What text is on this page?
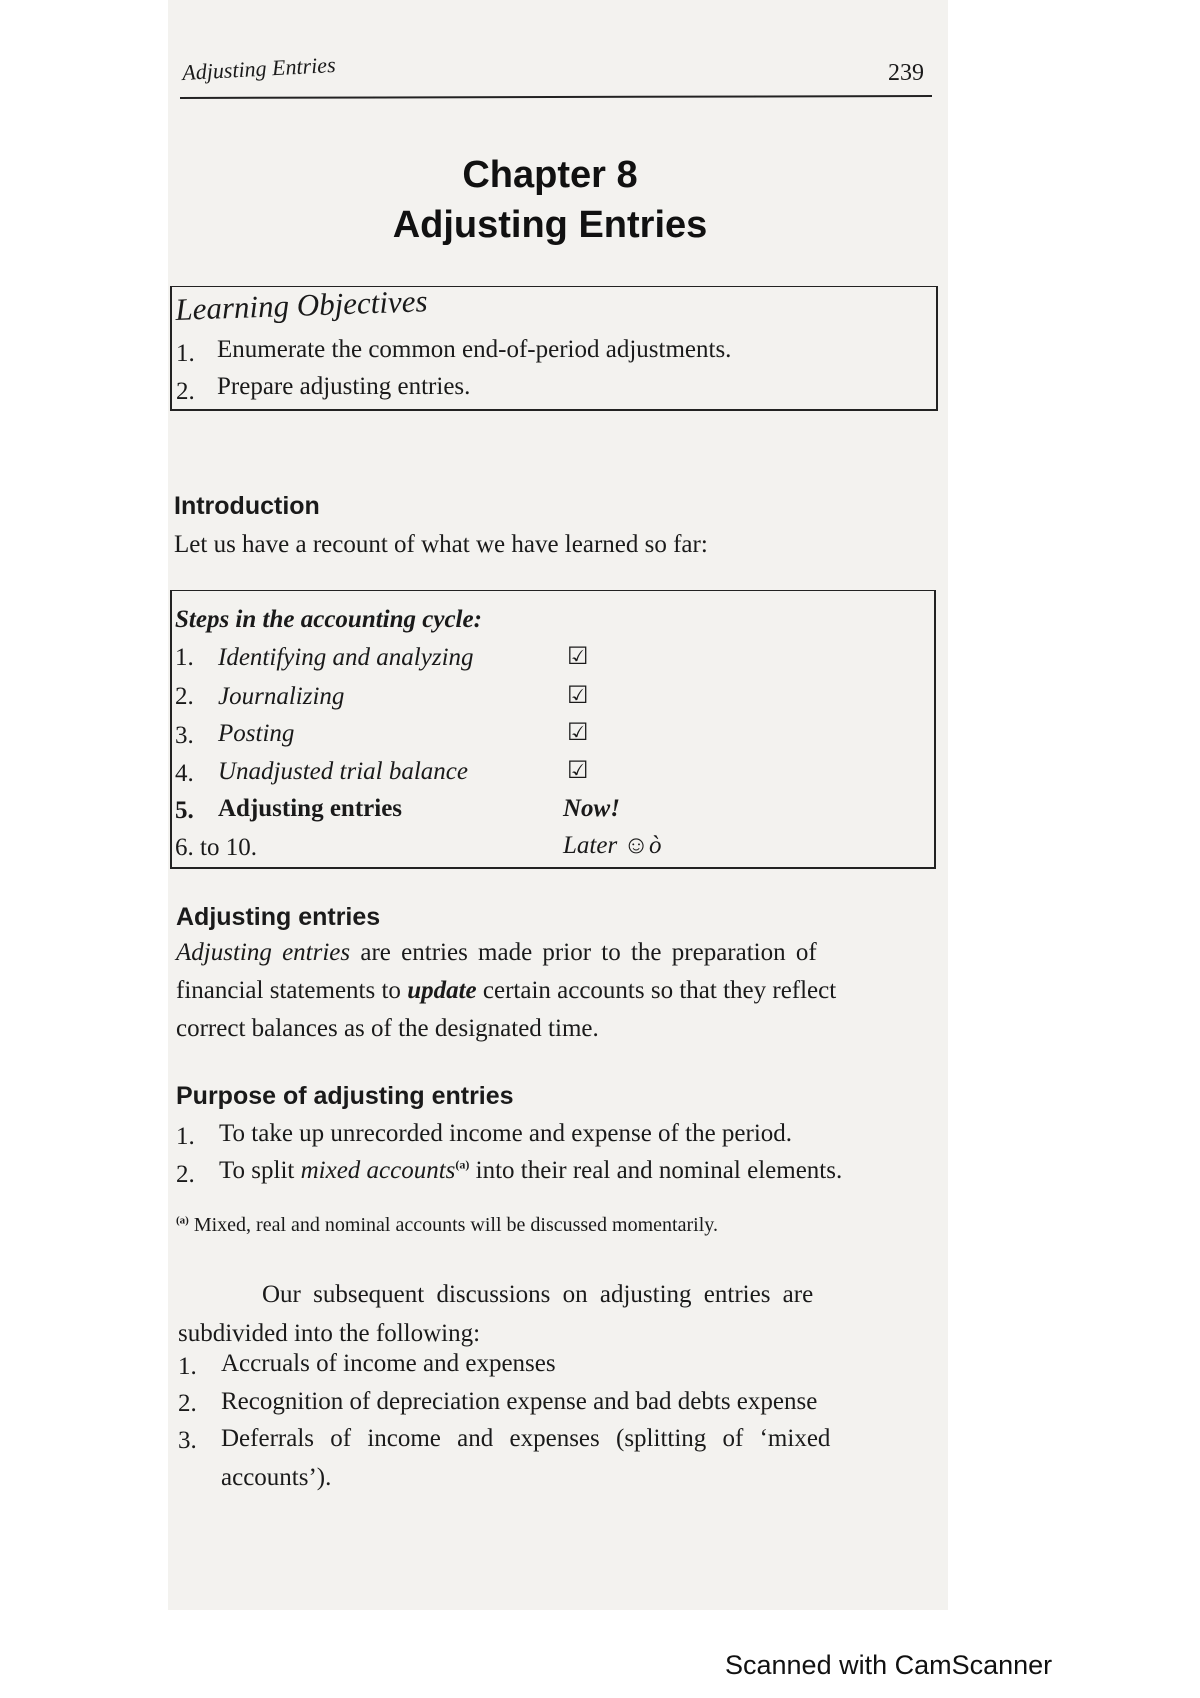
Adjusting Entries	239
Chapter 8
Adjusting Entries
Learning Objectives
1. Enumerate the common end-of-period adjustments.
2. Prepare adjusting entries.
Introduction
Let us have a recount of what we have learned so far:
Steps in the accounting cycle:
1. Identifying and analyzing	☑
2. Journalizing	☑
3. Posting	☑
4. Unadjusted trial balance	☑
5. Adjusting entries	Now!
6. to 10.	Later ☺ò
Adjusting entries
Adjusting entries are entries made prior to the preparation of
financial statements to update certain accounts so that they reflect
correct balances as of the designated time.
Purpose of adjusting entries
1. To take up unrecorded income and expense of the period.
2. To split mixed accounts$^{(a)}$ into their real and nominal elements.
$^{(a)}$ Mixed, real and nominal accounts will be discussed momentarily.
Our subsequent discussions on adjusting entries are
subdivided into the following:
1. Accruals of income and expenses
2. Recognition of depreciation expense and bad debts expense
3. Deferrals of income and expenses (splitting of ‘mixed
accounts’).
Scanned with CamScanner
